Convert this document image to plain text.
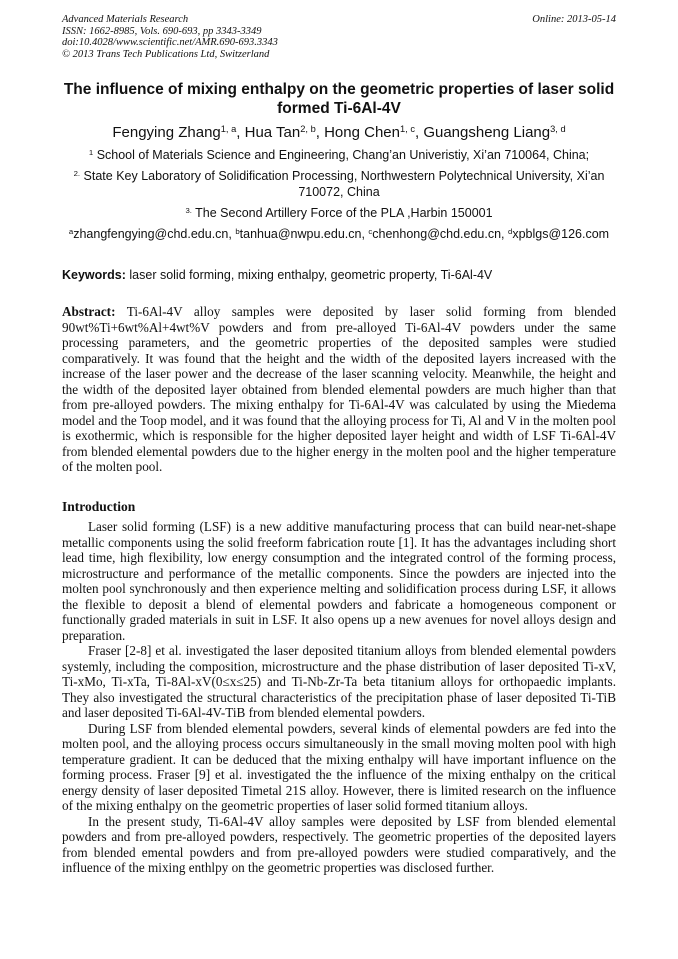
Advanced Materials Research
ISSN: 1662-8985, Vols. 690-693, pp 3343-3349
doi:10.4028/www.scientific.net/AMR.690-693.3343
© 2013 Trans Tech Publications Ltd, Switzerland
Online: 2013-05-14
The influence of mixing enthalpy on the geometric properties of laser solid formed Ti-6Al-4V
Fengying Zhang$^{1, a}$, Hua Tan$^{2, b}$, Hong Chen$^{1, c}$, Guangsheng Liang$^{3, d}$
$^1$ School of Materials Science and Engineering, Chang’an Univeristiy, Xi’an 710064, China;
$^{2.}$ State Key Laboratory of Solidification Processing, Northwestern Polytechnical University, Xi’an 710072, China
$^{3.}$ The Second Artillery Force of the PLA ,Harbin 150001
$^a$zhangfengying@chd.edu.cn, $^b$tanhua@nwpu.edu.cn, $^c$chenhong@chd.edu.cn, $^d$xpblgs@126.com
Keywords: laser solid forming, mixing enthalpy, geometric property, Ti-6Al-4V

Abstract: Ti-6Al-4V alloy samples were deposited by laser solid forming from blended 90wt%Ti+6wt%Al+4wt%V powders and from pre-alloyed Ti-6Al-4V powders under the same processing parameters, and the geometric properties of the deposited samples were studied comparatively. It was found that the height and the width of the deposited layers increased with the increase of the laser power and the decrease of the laser scanning velocity. Meanwhile, the height and the width of the deposited layer obtained from blended elemental powders are much higher than that from pre-alloyed powders. The mixing enthalpy for Ti-6Al-4V was calculated by using the Miedema model and the Toop model, and it was found that the alloying process for Ti, Al and V in the molten pool is exothermic, which is responsible for the higher deposited layer height and width of LSF Ti-6Al-4V from blended elemental powders due to the higher energy in the molten pool and the higher temperature of the molten pool.

Introduction

Laser solid forming (LSF) is a new additive manufacturing process that can build near-net-shape metallic components using the solid freeform fabrication route [1]. It has the advantages including short lead time, high flexibility, low energy consumption and the integrated control of the forming process, microstructure and performance of the metallic components. Since the powders are injected into the molten pool synchronously and then experience melting and solidification process during LSF, it allows the flexible to deposit a blend of elemental powders and fabricate a homogeneous component or functionally graded materials in suit in LSF. It also opens up a new avenues for novel alloys design and preparation.

Fraser [2-8] et al. investigated the laser deposited titanium alloys from blended elemental powders systemly, including the composition, microstructure and the phase distribution of laser deposited Ti-xV, Ti-xMo, Ti-xTa, Ti-8Al-xV(0≤x≤25) and Ti-Nb-Zr-Ta beta titanium alloys for orthopaedic implants. They also investigated the structural characteristics of the precipitation phase of laser deposited Ti-TiB and laser deposited Ti-6Al-4V-TiB from blended elemental powders.

During LSF from blended elemental powders, several kinds of elemental powders are fed into the molten pool, and the alloying process occurs simultaneously in the small moving molten pool with high temperature gradient. It can be deduced that the mixing enthalpy will have important influence on the forming process. Fraser [9] et al. investigated the the influence of the mixing enthalpy on the critical energy density of laser deposited Timetal 21S alloy. However, there is limited research on the influence of the mixing enthalpy on the geometric properties of laser solid formed titanium alloys.

In the present study, Ti-6Al-4V alloy samples were deposited by LSF from blended elemental powders and from pre-alloyed powders, respectively. The geometric properties of the deposited layers from blended emental powders and from pre-alloyed powders were studied comparatively, and the influence of the mixing enthlpy on the geometric properties was disclosed further.
